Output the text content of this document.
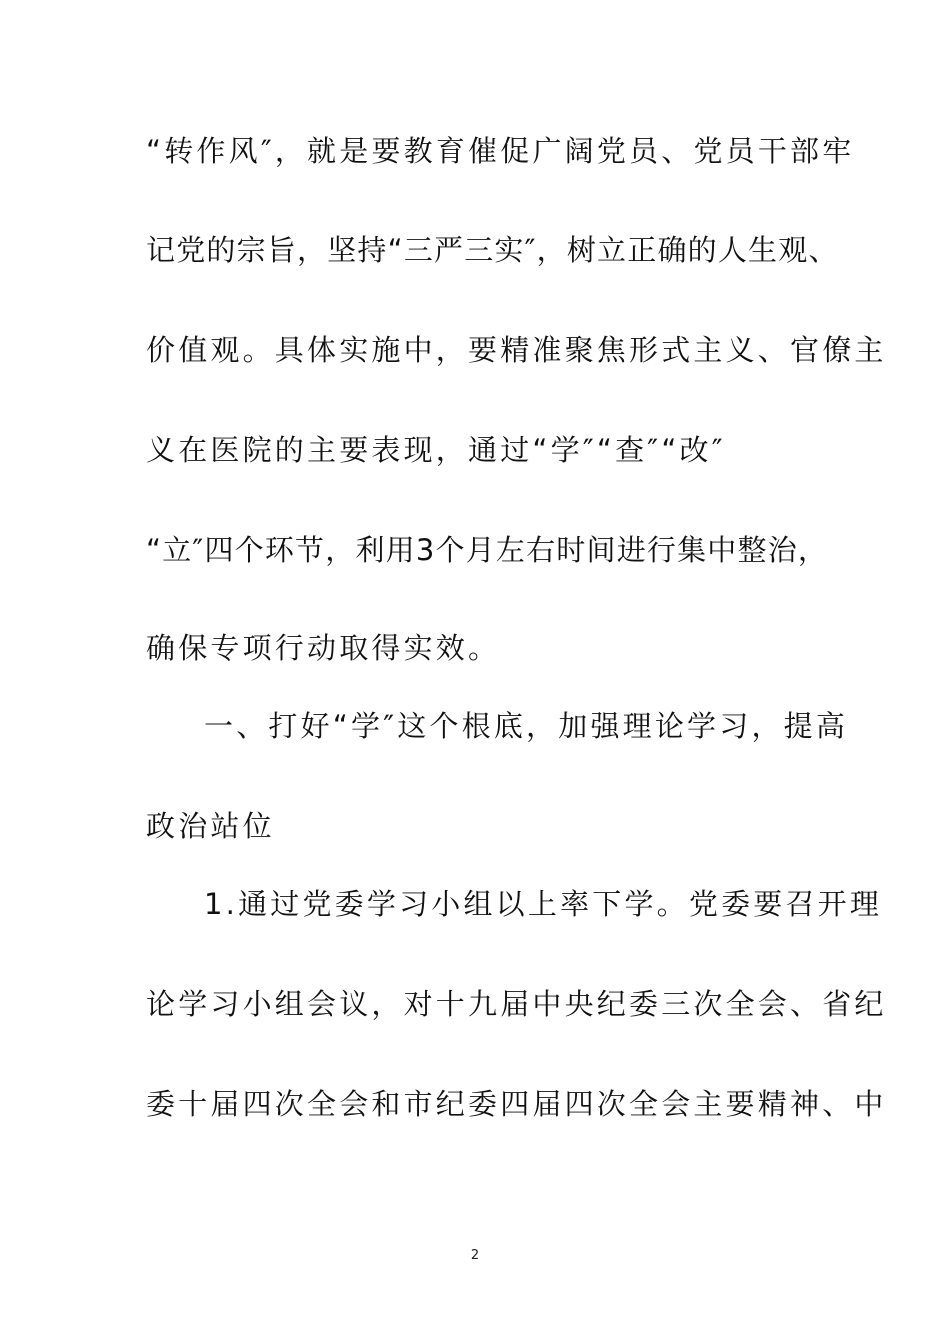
“转作风″，就是要教育催促广阔党员、党员干部牢
记党的宗旨，坚持“三严三实″，树立正确的人生观、
价值观。具体实施中，要精准聚焦形式主义、官僚主
义在医院的主要表现，通过“学″“查″“改″
“立″四个环节，利用3个月左右时间进行集中整治，
确保专项行动取得实效。
一、打好“学″这个根底，加强理论学习，提高
政治站位
1.通过党委学习小组以上率下学。党委要召开理
论学习小组会议，对十九届中央纪委三次全会、省纪
委十届四次全会和市纪委四届四次全会主要精神、中
2
